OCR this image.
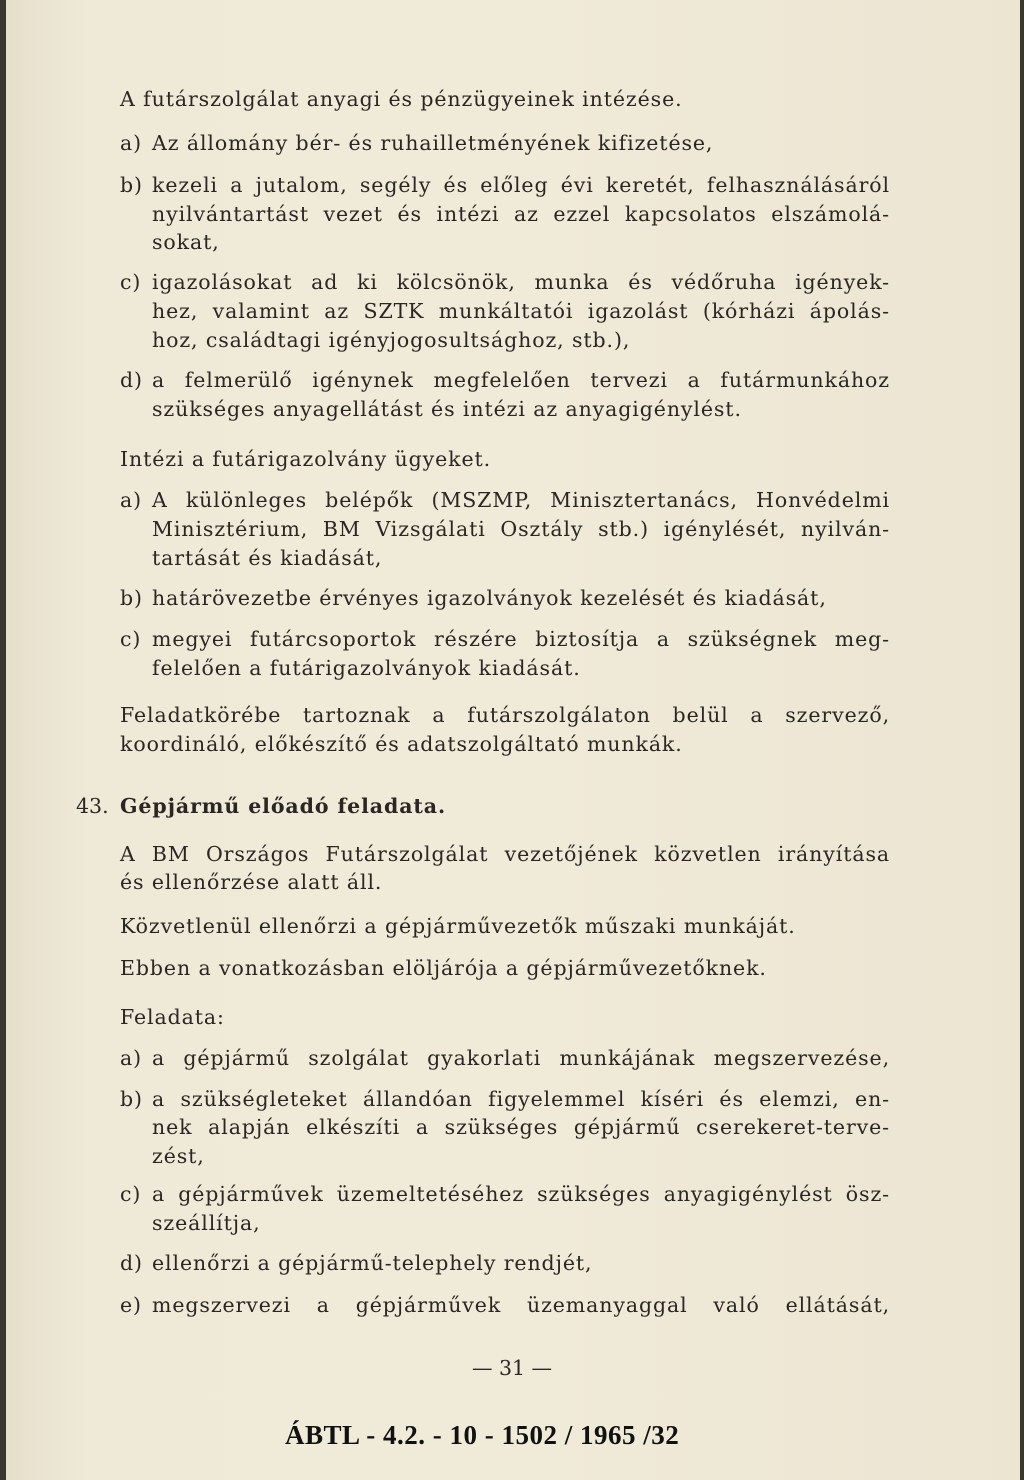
A futárszolgálat anyagi és pénzügyeinek intézése.
a) Az állomány bér- és ruhailletményének kifizetése,
b) kezeli a jutalom, segély és előleg évi keretét, felhasználásáról
nyilvántartást vezet és intézi az ezzel kapcsolatos elszámolá-
sokat,
c) igazolásokat ad ki kölcsönök, munka és védőruha igények-
hez, valamint az SZTK munkáltatói igazolást (kórházi ápolás-
hoz, családtagi igényjogosultsághoz, stb.),
d) a felmerülő igénynek megfelelően tervezi a futármunkához
szükséges anyagellátást és intézi az anyagigénylést.
Intézi a futárigazolvány ügyeket.
a) A különleges belépők (MSZMP, Minisztertanács, Honvédelmi
Minisztérium, BM Vizsgálati Osztály stb.) igénylését, nyilván-
tartását és kiadását,
b) határövezetbe érvényes igazolványok kezelését és kiadását,
c) megyei futárcsoportok részére biztosítja a szükségnek meg-
felelően a futárigazolványok kiadását.
Feladatkörébe tartoznak a futárszolgálaton belül a szervező,
koordináló, előkészítő és adatszolgáltató munkák.
43. Gépjármű előadó feladata.
A BM Országos Futárszolgálat vezetőjének közvetlen irányítása
és ellenőrzése alatt áll.
Közvetlenül ellenőrzi a gépjárművezetők műszaki munkáját.
Ebben a vonatkozásban elöljárója a gépjárművezetőknek.
Feladata:
a) a gépjármű szolgálat gyakorlati munkájának megszervezése,
b) a szükségleteket állandóan figyelemmel kíséri és elemzi, en-
nek alapján elkészíti a szükséges gépjármű cserekeret-terve-
zést,
c) a gépjárművek üzemeltetéséhez szükséges anyagigénylést ösz-
szeállítja,
d) ellenőrzi a gépjármű-telephely rendjét,
e) megszervezi a gépjárművek üzemanyaggal való ellátását,
— 31 —
ÁBTL - 4.2. - 10 - 1502 / 1965 /32
